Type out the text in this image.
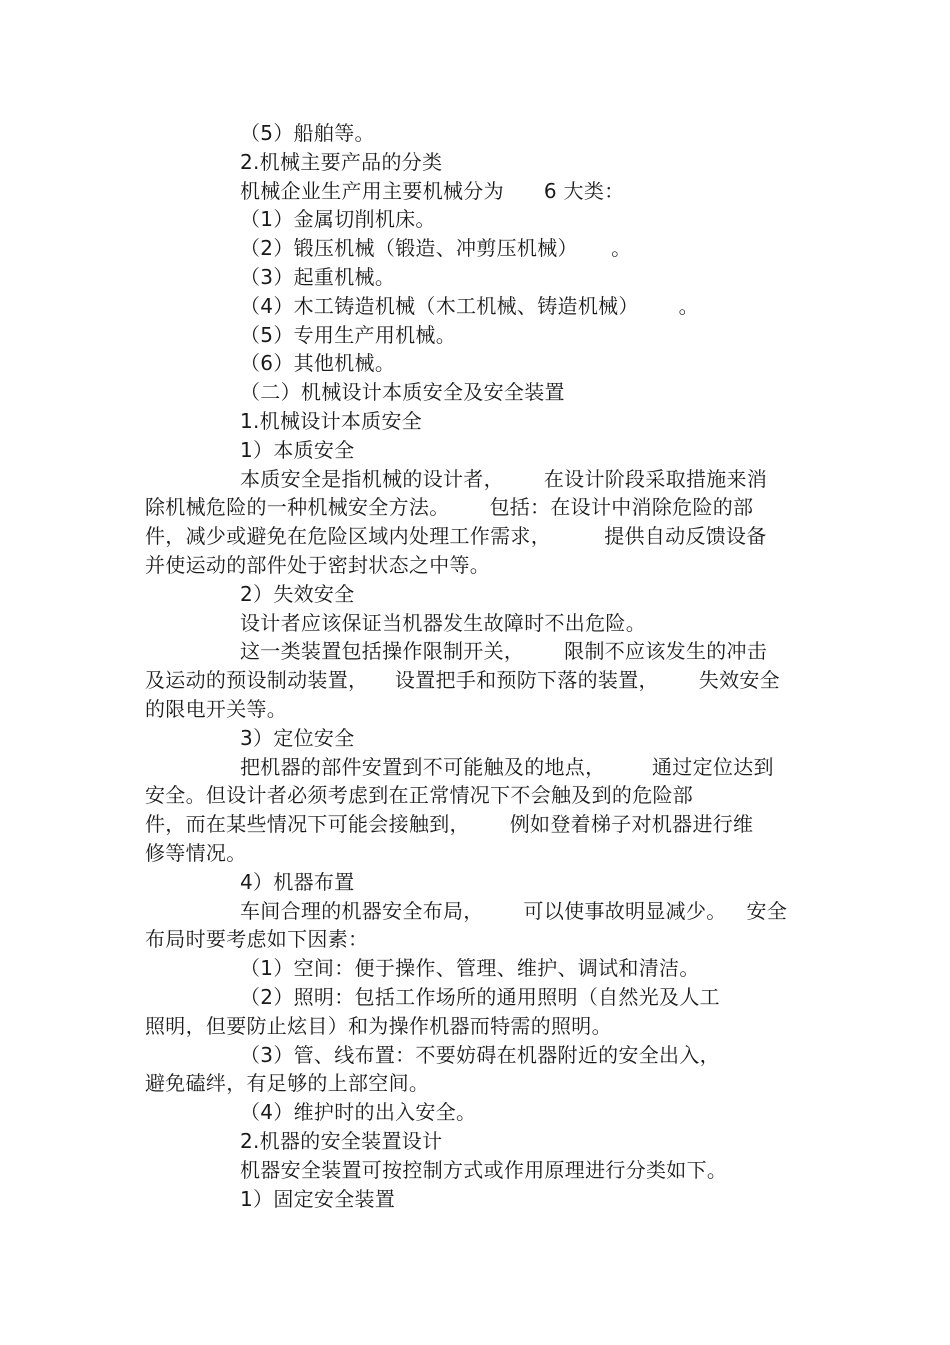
（5）船舶等。
2.机械主要产品的分类
机械企业生产用主要机械分为      6 大类：
（1）金属切削机床。
（2）锻压机械（锻造、冲剪压机械）     。
（3）起重机械。
（4）木工铸造机械（木工机械、铸造机械）      。
（5）专用生产用机械。
（6）其他机械。
（二）机械设计本质安全及安全装置
1.机械设计本质安全
1）本质安全
本质安全是指机械的设计者，      在设计阶段采取措施来消
除机械危险的一种机械安全方法。      包括：在设计中消除危险的部
件，减少或避免在危险区域内处理工作需求，        提供自动反馈设备
并使运动的部件处于密封状态之中等。
2）失效安全
设计者应该保证当机器发生故障时不出危险。
这一类装置包括操作限制开关，      限制不应该发生的冲击
及运动的预设制动装置，    设置把手和预防下落的装置，      失效安全
的限电开关等。
3）定位安全
把机器的部件安置到不可能触及的地点，       通过定位达到
安全。但设计者必须考虑到在正常情况下不会触及到的危险部
件，而在某些情况下可能会接触到，      例如登着梯子对机器进行维
修等情况。
4）机器布置
车间合理的机器安全布局，      可以使事故明显减少。   安全
布局时要考虑如下因素：
（1）空间：便于操作、管理、维护、调试和清洁。
（2）照明：包括工作场所的通用照明（自然光及人工
照明，但要防止炫目）和为操作机器而特需的照明。
（3）管、线布置：不要妨碍在机器附近的安全出入，
避免磕绊，有足够的上部空间。
（4）维护时的出入安全。
2.机器的安全装置设计
机器安全装置可按控制方式或作用原理进行分类如下。
1）固定安全装置
